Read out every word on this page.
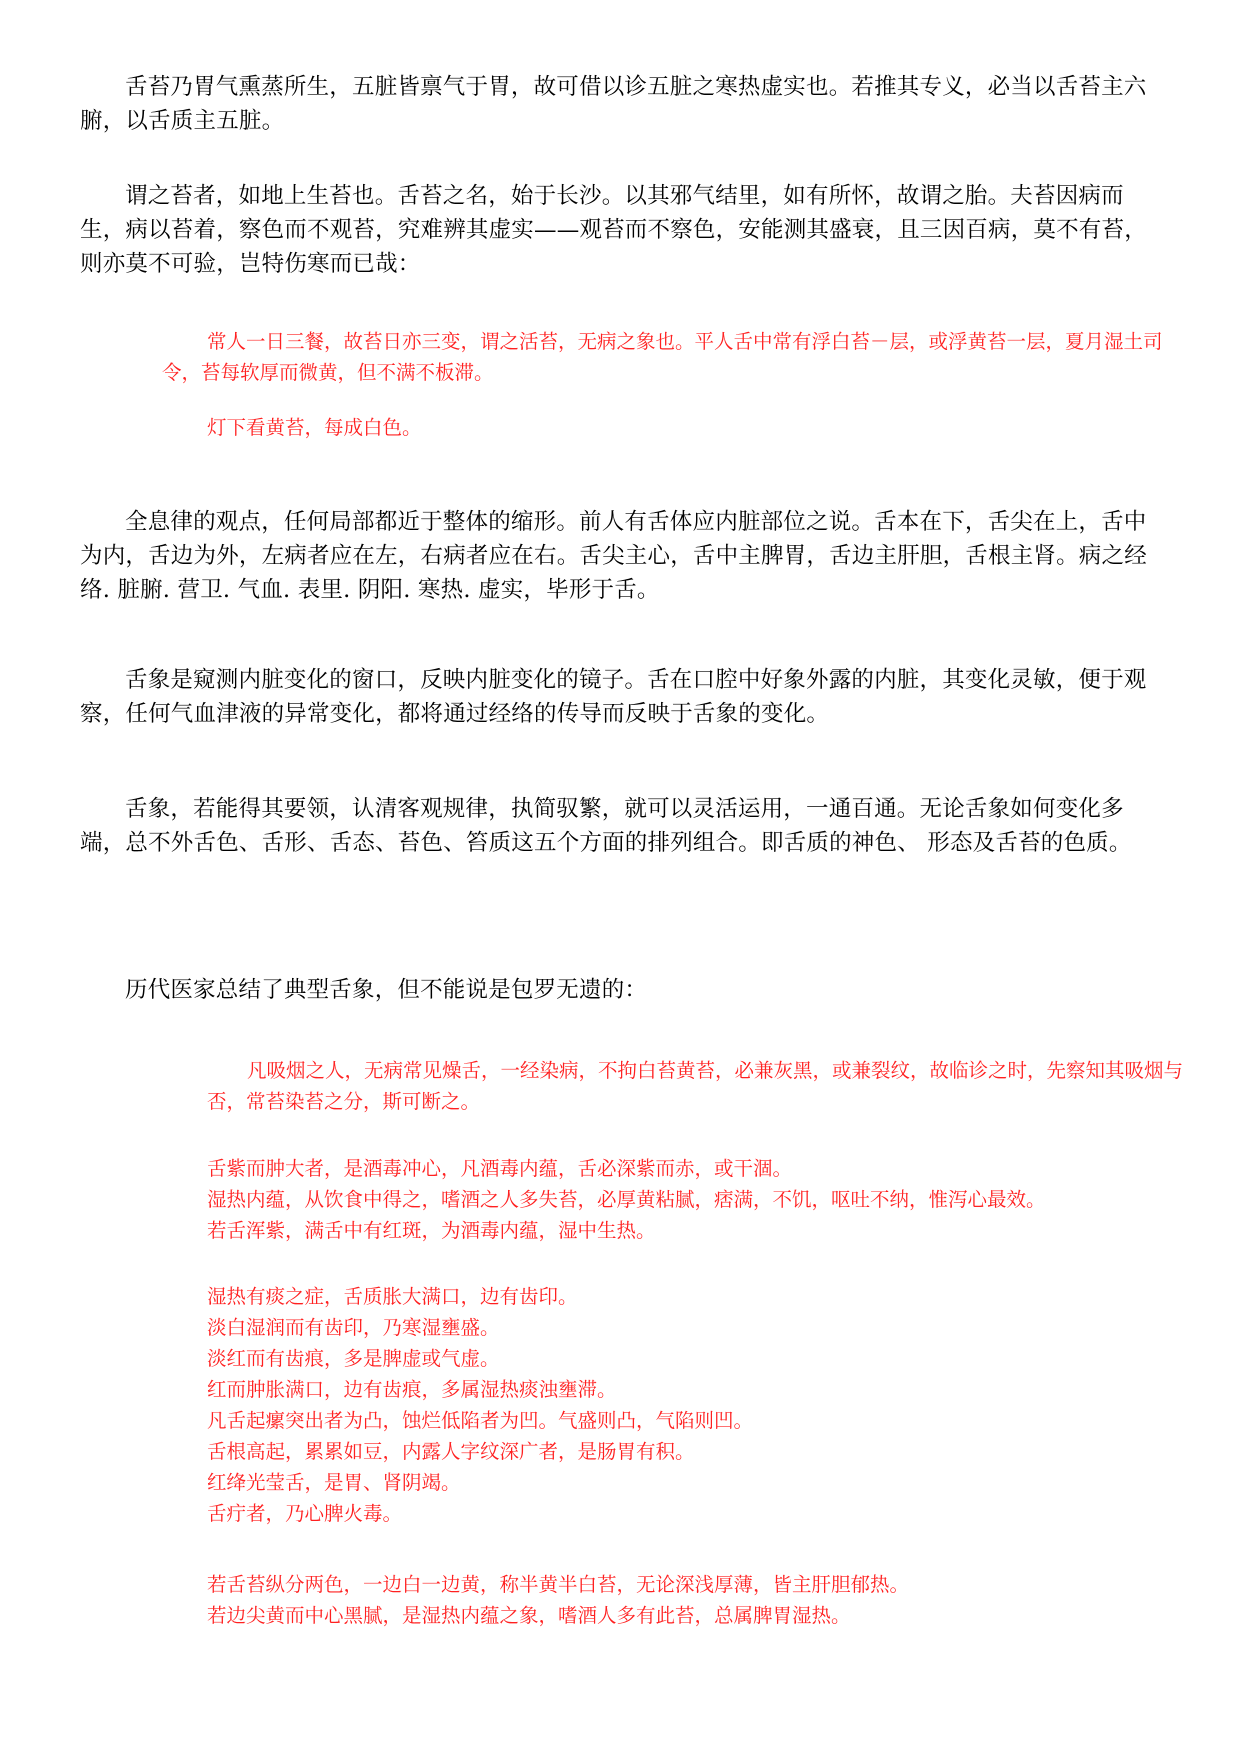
舌苔乃胃气熏蒸所生，五脏皆禀气于胃，故可借以诊五脏之寒热虚实也。若推其专义，必当以舌苔主六腑，以舌质主五脏。

谓之苔者，如地上生苔也。舌苔之名，始于长沙。以其邪气结里，如有所怀，故谓之胎。夫苔因病而生，病以苔着，察色而不观苔，究难辨其虚实——观苔而不察色，安能测其盛衰，且三因百病，莫不有苔，则亦莫不可验，岂特伤寒而已哉：

常人一日三餐，故苔日亦三变，谓之活苔，无病之象也。平人舌中常有浮白苔－层，或浮黄苔一层，夏月湿土司令，苔每软厚而微黄，但不满不板滞。

灯下看黄苔，每成白色。

全息律的观点，任何局部都近于整体的缩形。前人有舌体应内脏部位之说。舌本在下，舌尖在上，舌中为内，舌边为外，左病者应在左，右病者应在右。舌尖主心，舌中主脾胃，舌边主肝胆，舌根主肾。病之经络. 脏腑. 营卫. 气血. 表里. 阴阳. 寒热. 虚实，毕形于舌。

舌象是窥测内脏变化的窗口，反映内脏变化的镜子。舌在口腔中好象外露的内脏，其变化灵敏，便于观察，任何气血津液的异常变化，都将通过经络的传导而反映于舌象的变化。

舌象，若能得其要领，认清客观规律，执简驭繁，就可以灵活运用，一通百通。无论舌象如何变化多端，总不外舌色、舌形、舌态、苔色、笞质这五个方面的排列组合。即舌质的神色、 形态及舌苔的色质。

历代医家总结了典型舌象，但不能说是包罗无遗的：

凡吸烟之人，无病常见燥舌，一经染病，不拘白苔黄苔，必兼灰黑，或兼裂纹，故临诊之时，先察知其吸烟与否，常苔染苔之分，斯可断之。

舌紫而肿大者，是酒毒冲心，凡酒毒内蕴，舌必深紫而赤，或干涸。
湿热内蕴，从饮食中得之，嗜酒之人多失苔，必厚黄粘腻，痞满，不饥，呕吐不纳，惟泻心最效。
若舌浑紫，满舌中有红斑，为酒毒内蕴，湿中生热。
湿热有痰之症，舌质胀大满口，边有齿印。
淡白湿润而有齿印，乃寒湿壅盛。
淡红而有齿痕，多是脾虚或气虚。
红而肿胀满口，边有齿痕，多属湿热痰浊壅滞。
凡舌起瘰突出者为凸，蚀烂低陷者为凹。气盛则凸，气陷则凹。
舌根高起，累累如豆，内露人字纹深广者，是肠胃有积。
红绛光莹舌，是胃、肾阴竭。
舌疔者，乃心脾火毒。
若舌苔纵分两色，一边白一边黄，称半黄半白苔，无论深浅厚薄，皆主肝胆郁热。
若边尖黄而中心黑腻，是湿热内蕴之象，嗜酒人多有此苔，总属脾胃湿热。
